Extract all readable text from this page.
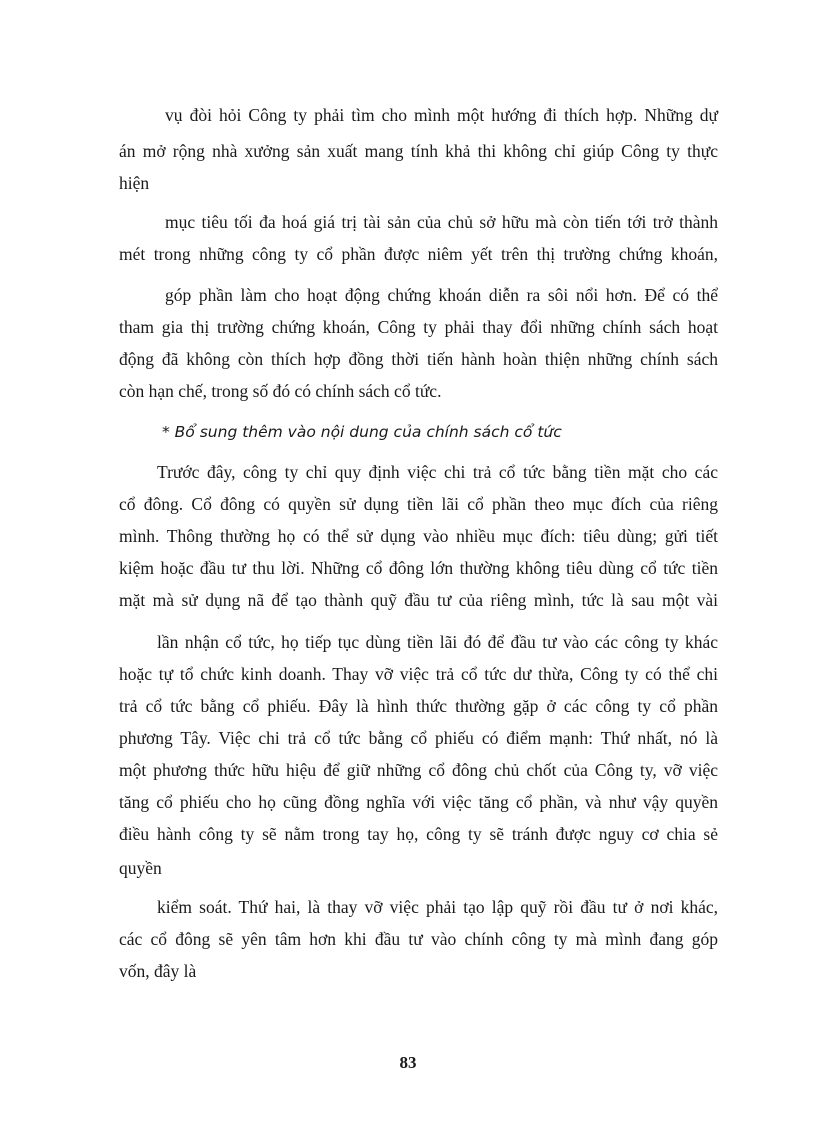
vụ đòi hỏi Công ty phải tìm cho mình một hướng đi thích hợp. Những dự
án mở rộng nhà xưởng sản xuất mang tính khả thi không chỉ giúp Công ty thực
hiện
mục tiêu tối đa hoá giá trị tài sản của chủ sở hữu mà còn tiến tới trở thành
mét trong những công ty cổ phần được niêm yết trên thị trường chứng khoán,
góp phần làm cho hoạt động chứng khoán diễn ra sôi nổi hơn. Để có thể
tham gia thị trường chứng khoán, Công ty phải thay đổi những chính sách hoạt
động đã không còn thích hợp đồng thời tiến hành hoàn thiện những chính sách
còn hạn chế, trong số đó có chính sách cổ tức.
* Bổ sung thêm vào nội dung của chính sách cổ tức
Trước đây, công ty chỉ quy định việc chi trả cổ tức bằng tiền mặt cho các
cổ đông. Cổ đông có quyền sử dụng tiền lãi cổ phần theo mục đích của riêng
mình. Thông thường họ có thể sử dụng vào nhiều mục đích: tiêu dùng; gửi tiết
kiệm hoặc đầu tư thu lời. Những cổ đông lớn thường không tiêu dùng cổ tức tiền
mặt mà sử dụng nã để tạo thành quỹ đầu tư của riêng mình, tức là sau một vài
lần nhận cổ tức, họ tiếp tục dùng tiền lãi đó để đầu tư vào các công ty khác
hoặc tự tổ chức kinh doanh. Thay vỡ việc trả cổ tức dư thừa, Công ty có thể chi
trả cổ tức bằng cổ phiếu. Đây là hình thức thường gặp ở các công ty cổ phần
phương Tây. Việc chi trả cổ tức bằng cổ phiếu có điểm mạnh: Thứ nhất, nó là
một phương thức hữu hiệu để giữ những cổ đông chủ chốt của Công ty, vỡ việc
tăng cổ phiếu cho họ cũng đồng nghĩa với việc tăng cổ phần, và như vậy quyền
điều hành công ty sẽ nằm trong tay họ, công ty sẽ tránh được nguy cơ chia sẻ
quyền
kiểm soát. Thứ hai, là thay vỡ việc phải tạo lập quỹ rồi đầu tư ở nơi khác,
các cổ đông sẽ yên tâm hơn khi đầu tư vào chính công ty mà mình đang góp
vốn, đây là
83
